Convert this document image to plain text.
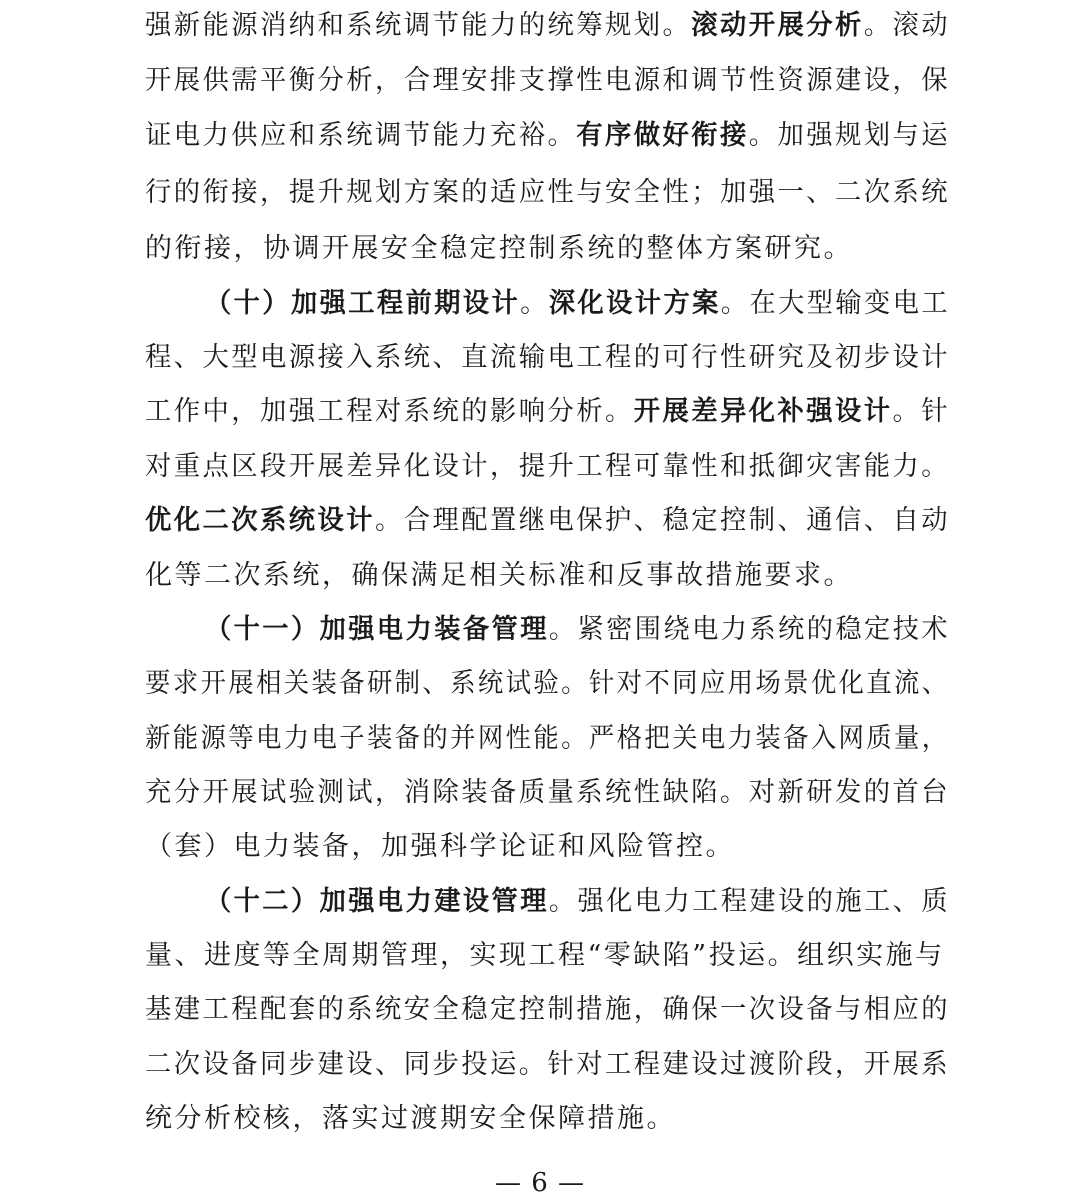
强新能源消纳和系统调节能力的统筹规划。滚动开展分析。滚动
开展供需平衡分析，合理安排支撑性电源和调节性资源建设，保
证电力供应和系统调节能力充裕。有序做好衔接。加强规划与运
行的衔接，提升规划方案的适应性与安全性；加强一、二次系统
的衔接，协调开展安全稳定控制系统的整体方案研究。
（十）加强工程前期设计。深化设计方案。在大型输变电工
程、大型电源接入系统、直流输电工程的可行性研究及初步设计
工作中，加强工程对系统的影响分析。开展差异化补强设计。针
对重点区段开展差异化设计，提升工程可靠性和抵御灾害能力。
优化二次系统设计。合理配置继电保护、稳定控制、通信、自动
化等二次系统，确保满足相关标准和反事故措施要求。
（十一）加强电力装备管理。紧密围绕电力系统的稳定技术
要求开展相关装备研制、系统试验。针对不同应用场景优化直流、
新能源等电力电子装备的并网性能。严格把关电力装备入网质量，
充分开展试验测试，消除装备质量系统性缺陷。对新研发的首台
（套）电力装备，加强科学论证和风险管控。
（十二）加强电力建设管理。强化电力工程建设的施工、质
量、进度等全周期管理，实现工程“零缺陷”投运。组织实施与
基建工程配套的系统安全稳定控制措施，确保一次设备与相应的
二次设备同步建设、同步投运。针对工程建设过渡阶段，开展系
统分析校核，落实过渡期安全保障措施。
— 6 —
